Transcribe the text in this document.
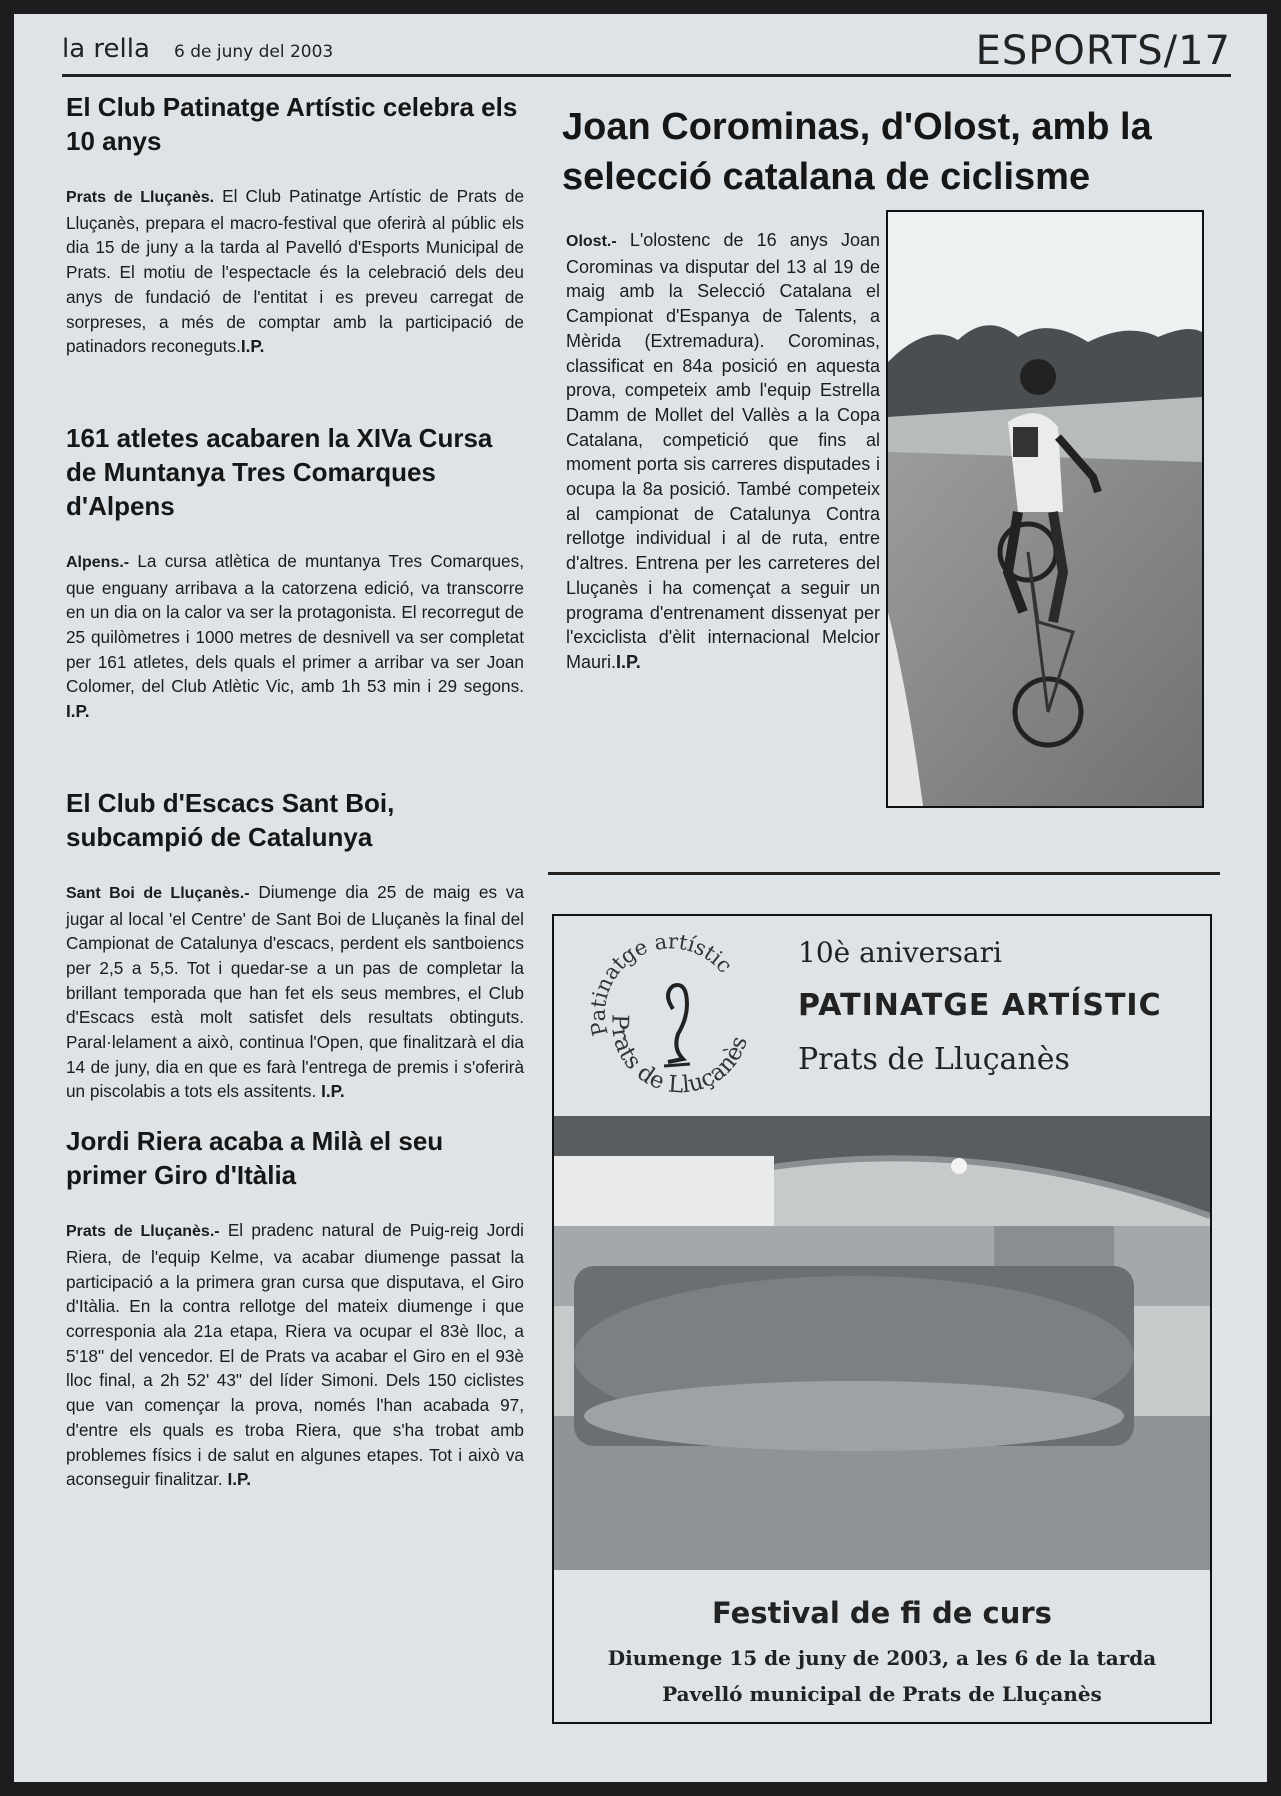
la rella 6 de juny del 2003	ESPORTS/17
El Club Patinatge Artístic celebra els 10 anys

Prats de Lluçanès. El Club Patinatge Artístic de Prats de Lluçanès, prepara el macro-festival que oferirà al públic els dia 15 de juny a la tarda al Pavelló d'Esports Municipal de Prats. El motiu de l'espectacle és la celebració dels deu anys de fundació de l'entitat i es preveu carregat de sorpreses, a més de comptar amb la participació de patinadors reconeguts.I.P.

161 atletes acabaren la XIVa Cursa de Muntanya Tres Comarques d'Alpens

Alpens.- La cursa atlètica de muntanya Tres Comarques, que enguany arribava a la catorzena edició, va transcorre en un dia on la calor va ser la protagonista. El recorregut de 25 quilòmetres i 1000 metres de desnivell va ser completat per 161 atletes, dels quals el primer a arribar va ser Joan Colomer, del Club Atlètic Vic, amb 1h 53 min i 29 segons. I.P.

El Club d'Escacs Sant Boi, subcampió de Catalunya

Sant Boi de Lluçanès.- Diumenge dia 25 de maig es va jugar al local 'el Centre' de Sant Boi de Lluçanès la final del Campionat de Catalunya d'escacs, perdent els santboiencs per 2,5 a 5,5. Tot i quedar-se a un pas de completar la brillant temporada que han fet els seus membres, el Club d'Escacs està molt satisfet dels resultats obtinguts. Paral·lelament a això, continua l'Open, que finalitzarà el dia 14 de juny, dia en que es farà l'entrega de premis i s'oferirà un piscolabis a tots els assitents. I.P.

Jordi Riera acaba a Milà el seu primer Giro d'Itàlia

Prats de Lluçanès.- El pradenc natural de Puig-reig Jordi Riera, de l'equip Kelme, va acabar diumenge passat la participació a la primera gran cursa que disputava, el Giro d'Itàlia. En la contra rellotge del mateix diumenge i que corresponia ala 21a etapa, Riera va ocupar el 83è lloc, a 5'18" del vencedor. El de Prats va acabar el Giro en el 93è lloc final, a 2h 52' 43" del líder Simoni. Dels 150 ciclistes que van començar la prova, només l'han acabada 97, d'entre els quals es troba Riera, que s'ha trobat amb problemes físics i de salut en algunes etapes. Tot i això va aconseguir finalitzar. I.P.

Joan Corominas, d'Olost, amb la selecció catalana de ciclisme

Olost.- L'olostenc de 16 anys Joan Corominas va disputar del 13 al 19 de maig amb la Selecció Catalana el Campionat d'Espanya de Talents, a Mèrida (Extremadura). Corominas, classificat en 84a posició en aquesta prova, competeix amb l'equip Estrella Damm de Mollet del Vallès a la Copa Catalana, competició que fins al moment porta sis carreres disputades i ocupa la 8a posició. També competeix al campionat de Catalunya Contra rellotge individual i al de ruta, entre d'altres. Entrena per les carreteres del Lluçanès i ha començat a seguir un programa d'entrenament dissenyat per l'exciclista d'èlit internacional Melcior Mauri.I.P.

Patinatge artístic
Prats de Lluçanès
10è aniversari
PATINATGE ARTÍSTIC
Prats de Lluçanès
Festival de fi de curs
Diumenge 15 de juny de 2003, a les 6 de la tarda
Pavelló municipal de Prats de Lluçanès
